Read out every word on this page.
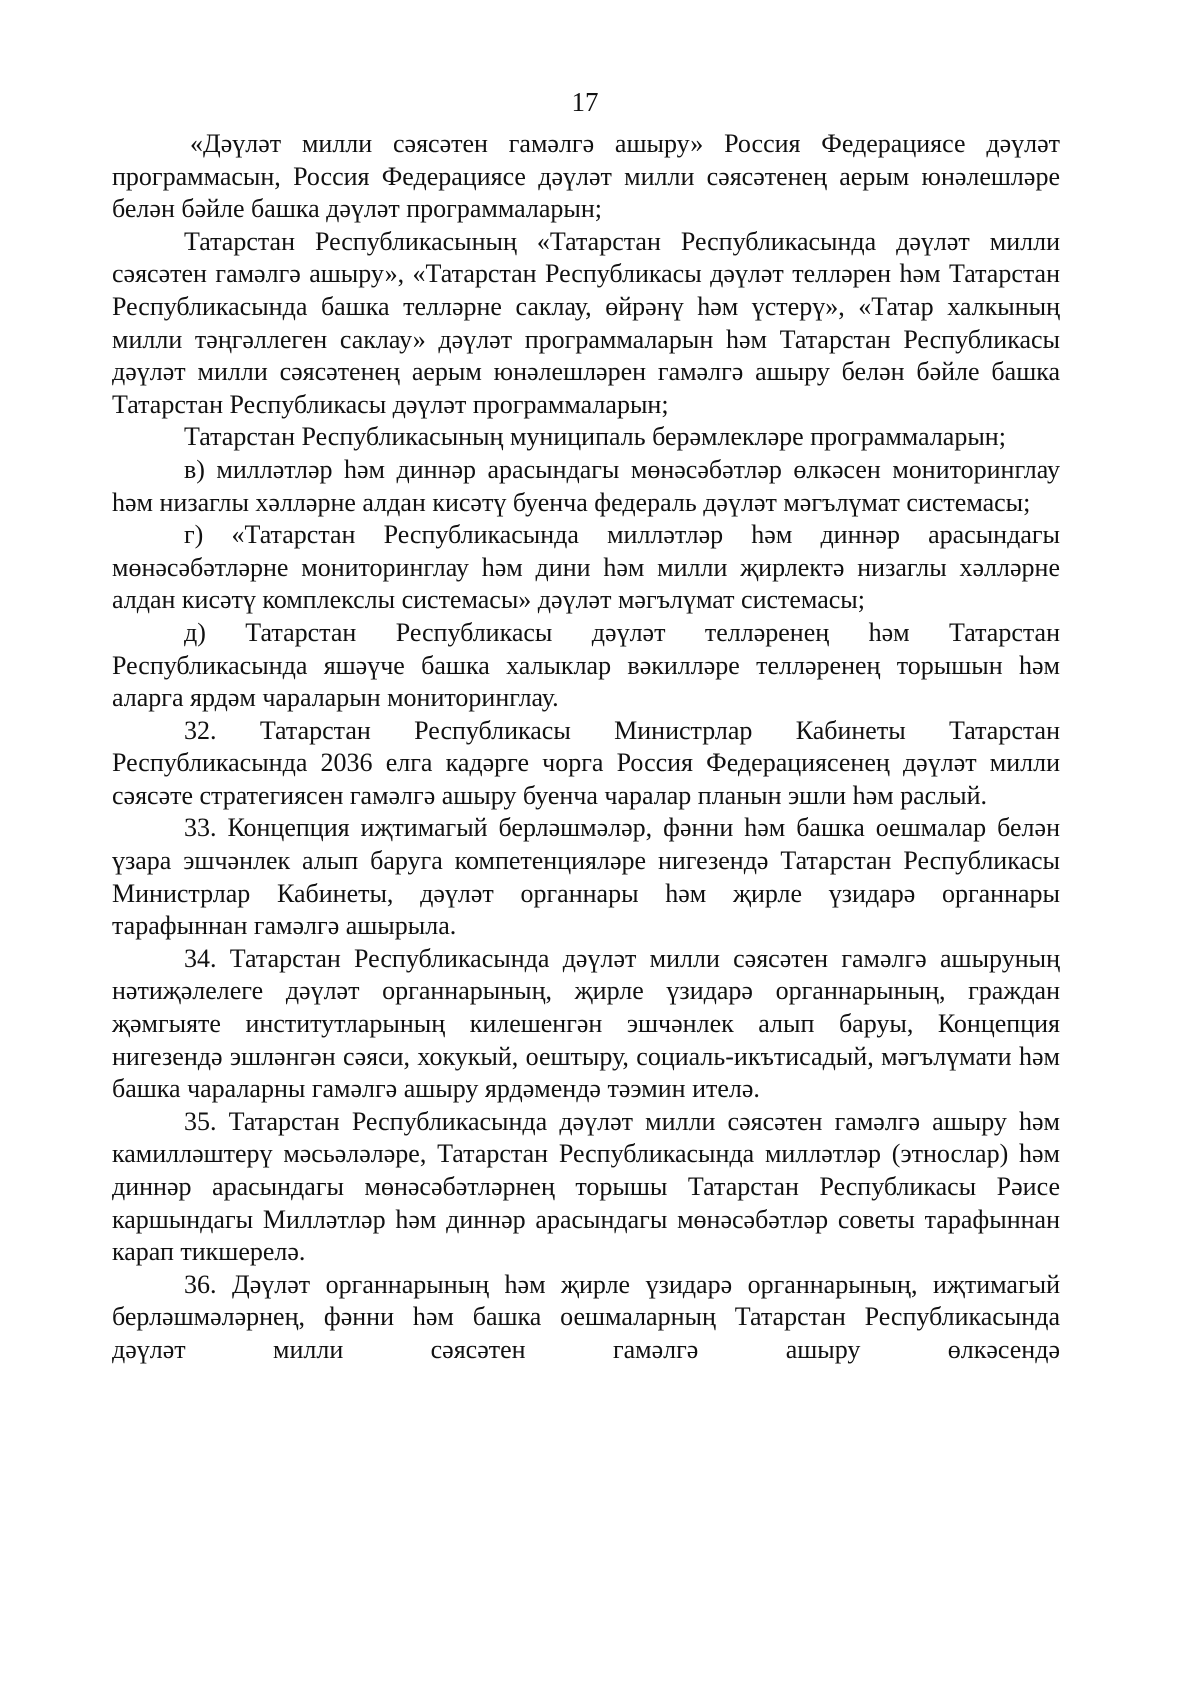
17

«Дәүләт милли сәясәтен гамәлгә ашыру» Россия Федерациясе дәүләт программасын, Россия Федерациясе дәүләт милли сәясәтенең аерым юнәлешләре белән бәйле башка дәүләт программаларын;

Татарстан Республикасының «Татарстан Республикасында дәүләт милли сәясәтен гамәлгә ашыру», «Татарстан Республикасы дәүләт телләрен һәм Татарстан Республикасында башка телләрне саклау, өйрәнү һәм үстерү», «Татар халкының милли тәңгәллеген саклау» дәүләт программаларын һәм Татарстан Республикасы дәүләт милли сәясәтенең аерым юнәлешләрен гамәлгә ашыру белән бәйле башка Татарстан Республикасы дәүләт программаларын;

Татарстан Республикасының муниципаль берәмлекләре программаларын;

в) милләтләр һәм диннәр арасындагы мөнәсәбәтләр өлкәсен мониторинглау һәм низаглы хәлләрне алдан кисәтү буенча федераль дәүләт мәгълүмат системасы;

г) «Татарстан Республикасында милләтләр һәм диннәр арасындагы мөнәсәбәтләрне мониторинглау һәм дини һәм милли җирлектә низаглы хәлләрне алдан кисәтү комплекслы системасы» дәүләт мәгълүмат системасы;

д) Татарстан Республикасы дәүләт телләренең һәм Татарстан Республикасында яшәүче башка халыклар вәкилләре телләренең торышын һәм аларга ярдәм чараларын мониторинглау.

32. Татарстан Республикасы Министрлар Кабинеты Татарстан Республикасында 2036 елга кадәрге чорга Россия Федерациясенең дәүләт милли сәясәте стратегиясен гамәлгә ашыру буенча чаралар планын эшли һәм раслый.

33. Концепция иҗтимагый берләшмәләр, фәнни һәм башка оешмалар белән үзара эшчәнлек алып баруга компетенцияләре нигезендә Татарстан Республикасы Министрлар Кабинеты, дәүләт органнары һәм җирле үзидарә органнары тарафыннан гамәлгә ашырыла.

34. Татарстан Республикасында дәүләт милли сәясәтен гамәлгә ашыруның нәтиҗәлелеге дәүләт органнарының, җирле үзидарә органнарының, граждан җәмгыяте институтларының килешенгән эшчәнлек алып баруы, Концепция нигезендә эшләнгән сәяси, хокукый, оештыру, социаль-икътисадый, мәгълүмати һәм башка чараларны гамәлгә ашыру ярдәмендә тәэмин ителә.

35. Татарстан Республикасында дәүләт милли сәясәтен гамәлгә ашыру һәм камилләштерү мәсьәләләре, Татарстан Республикасында милләтләр (этнослар) һәм диннәр арасындагы мөнәсәбәтләрнең торышы Татарстан Республикасы Рәисе каршындагы Милләтләр һәм диннәр арасындагы мөнәсәбәтләр советы тарафыннан карап тикшерелә.

36. Дәүләт органнарының һәм җирле үзидарә органнарының, иҗтимагый берләшмәләрнең, фәнни һәм башка оешмаларның Татарстан Республикасында дәүләт милли сәясәтен гамәлгә ашыру өлкәсендә
